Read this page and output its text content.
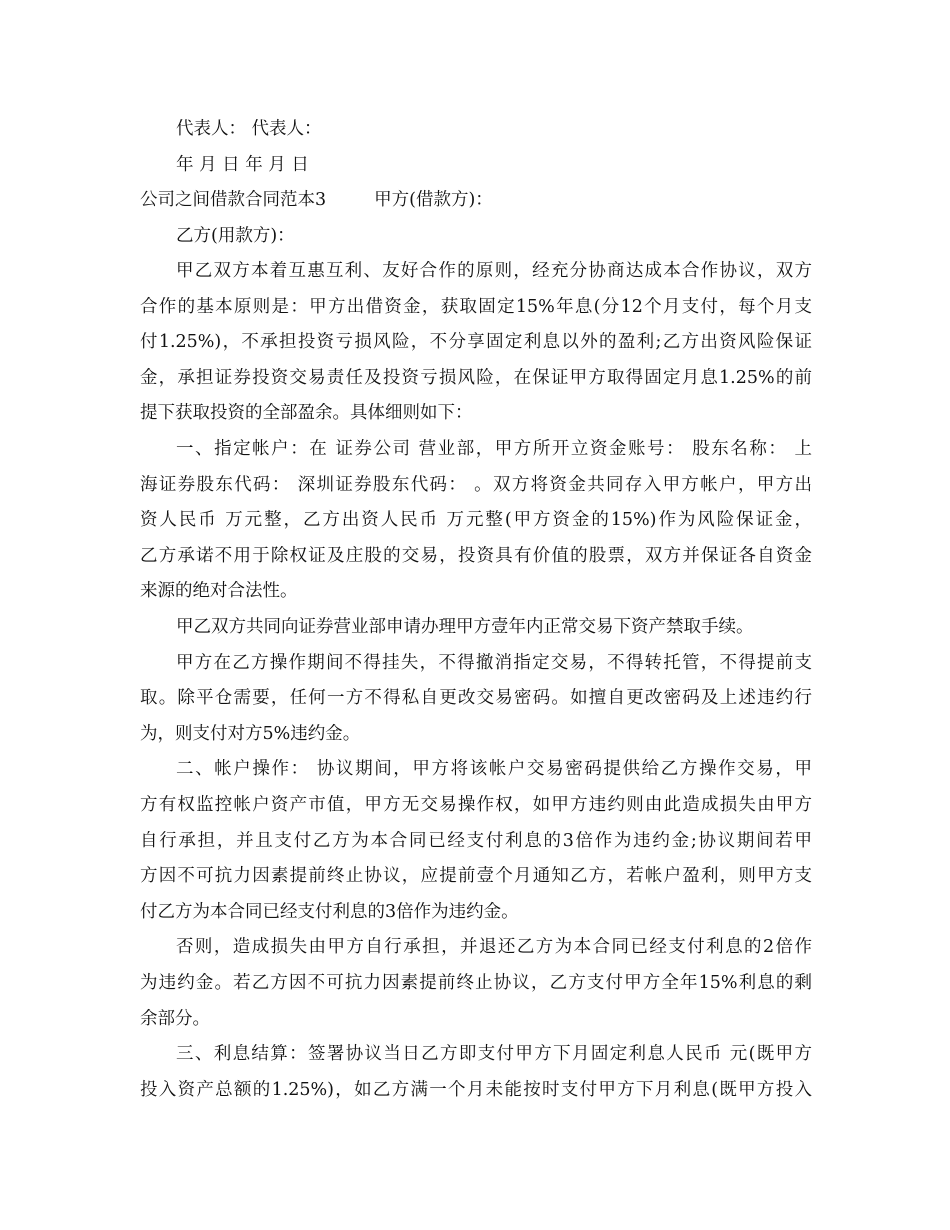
代表人： 代表人：
年 月 日 年 月 日
公司之间借款合同范本3	甲方(借款方)：
乙方(用款方)：
甲乙双方本着互惠互利、友好合作的原则，经充分协商达成本合作协议，双方
合作的基本原则是：甲方出借资金，获取固定15%年息(分12个月支付，每个月支
付1.25%)，不承担投资亏损风险，不分享固定利息以外的盈利;乙方出资风险保证
金，承担证券投资交易责任及投资亏损风险，在保证甲方取得固定月息1.25%的前
提下获取投资的全部盈余。具体细则如下：
一、指定帐户：在 证券公司 营业部，甲方所开立资金账号： 股东名称： 上
海证券股东代码： 深圳证券股东代码： 。双方将资金共同存入甲方帐户，甲方出
资人民币 万元整，乙方出资人民币 万元整(甲方资金的15%)作为风险保证金，
乙方承诺不用于除权证及庄股的交易，投资具有价值的股票，双方并保证各自资金
来源的绝对合法性。
甲乙双方共同向证券营业部申请办理甲方壹年内正常交易下资产禁取手续。
甲方在乙方操作期间不得挂失，不得撤消指定交易，不得转托管，不得提前支
取。除平仓需要，任何一方不得私自更改交易密码。如擅自更改密码及上述违约行
为，则支付对方5%违约金。
二、帐户操作： 协议期间，甲方将该帐户交易密码提供给乙方操作交易，甲
方有权监控帐户资产市值，甲方无交易操作权，如甲方违约则由此造成损失由甲方
自行承担，并且支付乙方为本合同已经支付利息的3倍作为违约金;协议期间若甲
方因不可抗力因素提前终止协议，应提前壹个月通知乙方，若帐户盈利，则甲方支
付乙方为本合同已经支付利息的3倍作为违约金。
否则，造成损失由甲方自行承担，并退还乙方为本合同已经支付利息的2倍作
为违约金。若乙方因不可抗力因素提前终止协议，乙方支付甲方全年15%利息的剩
余部分。
三、利息结算：签署协议当日乙方即支付甲方下月固定利息人民币 元(既甲方
投入资产总额的1.25%)，如乙方满一个月未能按时支付甲方下月利息(既甲方投入
